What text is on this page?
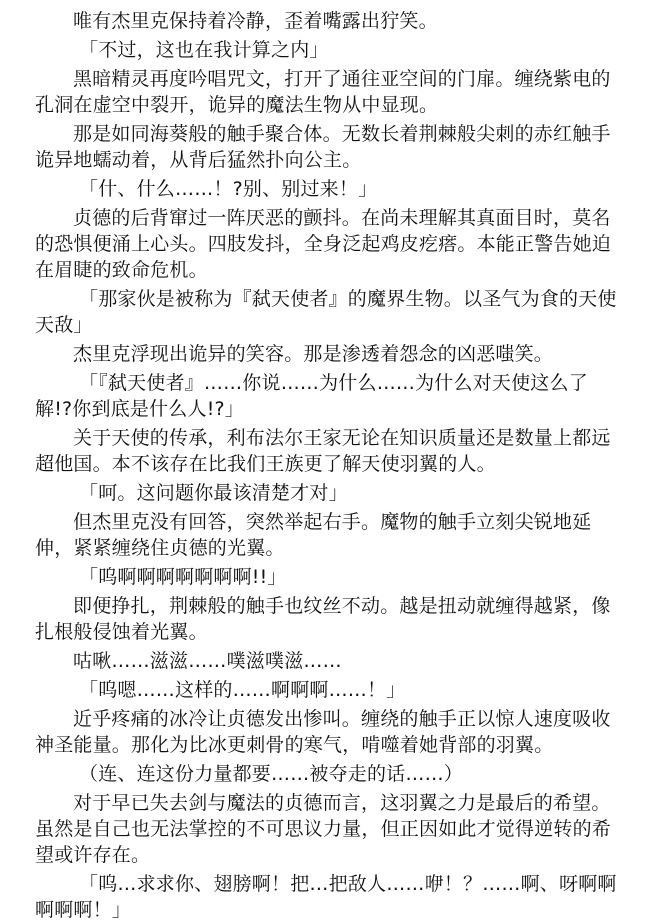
唯有杰里克保持着冷静，歪着嘴露出狞笑。

「不过，这也在我计算之内」

黑暗精灵再度吟唱咒文，打开了通往亚空间的门扉。缠绕紫电的孔洞在虚空中裂开，诡异的魔法生物从中显现。

那是如同海葵般的触手聚合体。无数长着荆棘般尖刺的赤红触手诡异地蠕动着，从背后猛然扑向公主。

「什、什么……！?别、别过来！」

贞德的后背窜过一阵厌恶的颤抖。在尚未理解其真面目时，莫名的恐惧便涌上心头。四肢发抖，全身泛起鸡皮疙瘩。本能正警告她迫在眉睫的致命危机。

「那家伙是被称为『弑天使者』的魔界生物。以圣气为食的天使天敌」

杰里克浮现出诡异的笑容。那是渗透着怨念的凶恶嗤笑。

「『弑天使者』……你说……为什么……为什么对天使这么了解!?你到底是什么人!?」

关于天使的传承，利布法尔王家无论在知识质量还是数量上都远超他国。本不该存在比我们王族更了解天使羽翼的人。

「呵。这问题你最该清楚才对」

但杰里克没有回答，突然举起右手。魔物的触手立刻尖锐地延伸，紧紧缠绕住贞德的光翼。

「呜啊啊啊啊啊啊啊!!」

即便挣扎，荆棘般的触手也纹丝不动。越是扭动就缠得越紧，像扎根般侵蚀着光翼。

咕啾……滋滋……噗滋噗滋……

「呜嗯……这样的……啊啊啊……！」

近乎疼痛的冰冷让贞德发出惨叫。缠绕的触手正以惊人速度吸收神圣能量。那化为比冰更刺骨的寒气，啃噬着她背部的羽翼。

（连、连这份力量都要……被夺走的话……）

对于早已失去剑与魔法的贞德而言，这羽翼之力是最后的希望。虽然是自己也无法掌控的不可思议力量，但正因如此才觉得逆转的希望或许存在。

「呜…求求你、翅膀啊！把…把敌人……咿！？……啊、呀啊啊啊啊啊！」
